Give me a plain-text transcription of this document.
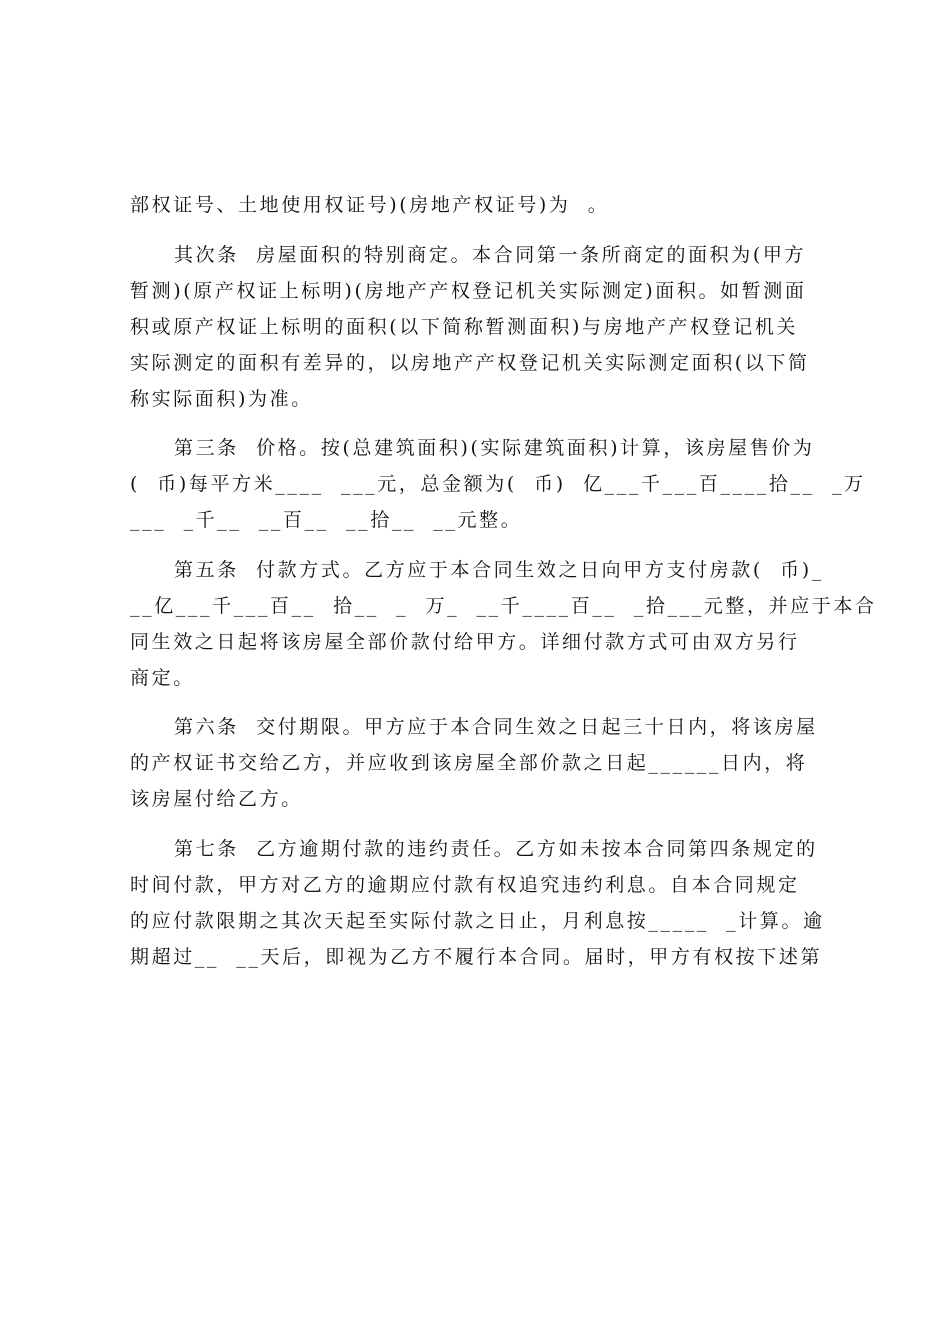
部权证号、土地使用权证号)(房地产权证号)为  。
其次条  房屋面积的特别商定。本合同第一条所商定的面积为(甲方
暂测)(原产权证上标明)(房地产产权登记机关实际测定)面积。如暂测面
积或原产权证上标明的面积(以下简称暂测面积)与房地产产权登记机关
实际测定的面积有差异的，以房地产产权登记机关实际测定面积(以下简
称实际面积)为准。
第三条  价格。按(总建筑面积)(实际建筑面积)计算，该房屋售价为
(  币)每平方米____  ___元，总金额为(  币)  亿___千___百____拾__  _万
___  _千__  __百__  __拾__  __元整。
第五条  付款方式。乙方应于本合同生效之日向甲方支付房款(  币)_
__亿___千___百__  拾__  _  万_  __千____百__  _拾___元整，并应于本合
同生效之日起将该房屋全部价款付给甲方。详细付款方式可由双方另行
商定。
第六条  交付期限。甲方应于本合同生效之日起三十日内，将该房屋
的产权证书交给乙方，并应收到该房屋全部价款之日起______日内，将
该房屋付给乙方。
第七条  乙方逾期付款的违约责任。乙方如未按本合同第四条规定的
时间付款，甲方对乙方的逾期应付款有权追究违约利息。自本合同规定
的应付款限期之其次天起至实际付款之日止，月利息按_____  _计算。逾
期超过__  __天后，即视为乙方不履行本合同。届时，甲方有权按下述第
